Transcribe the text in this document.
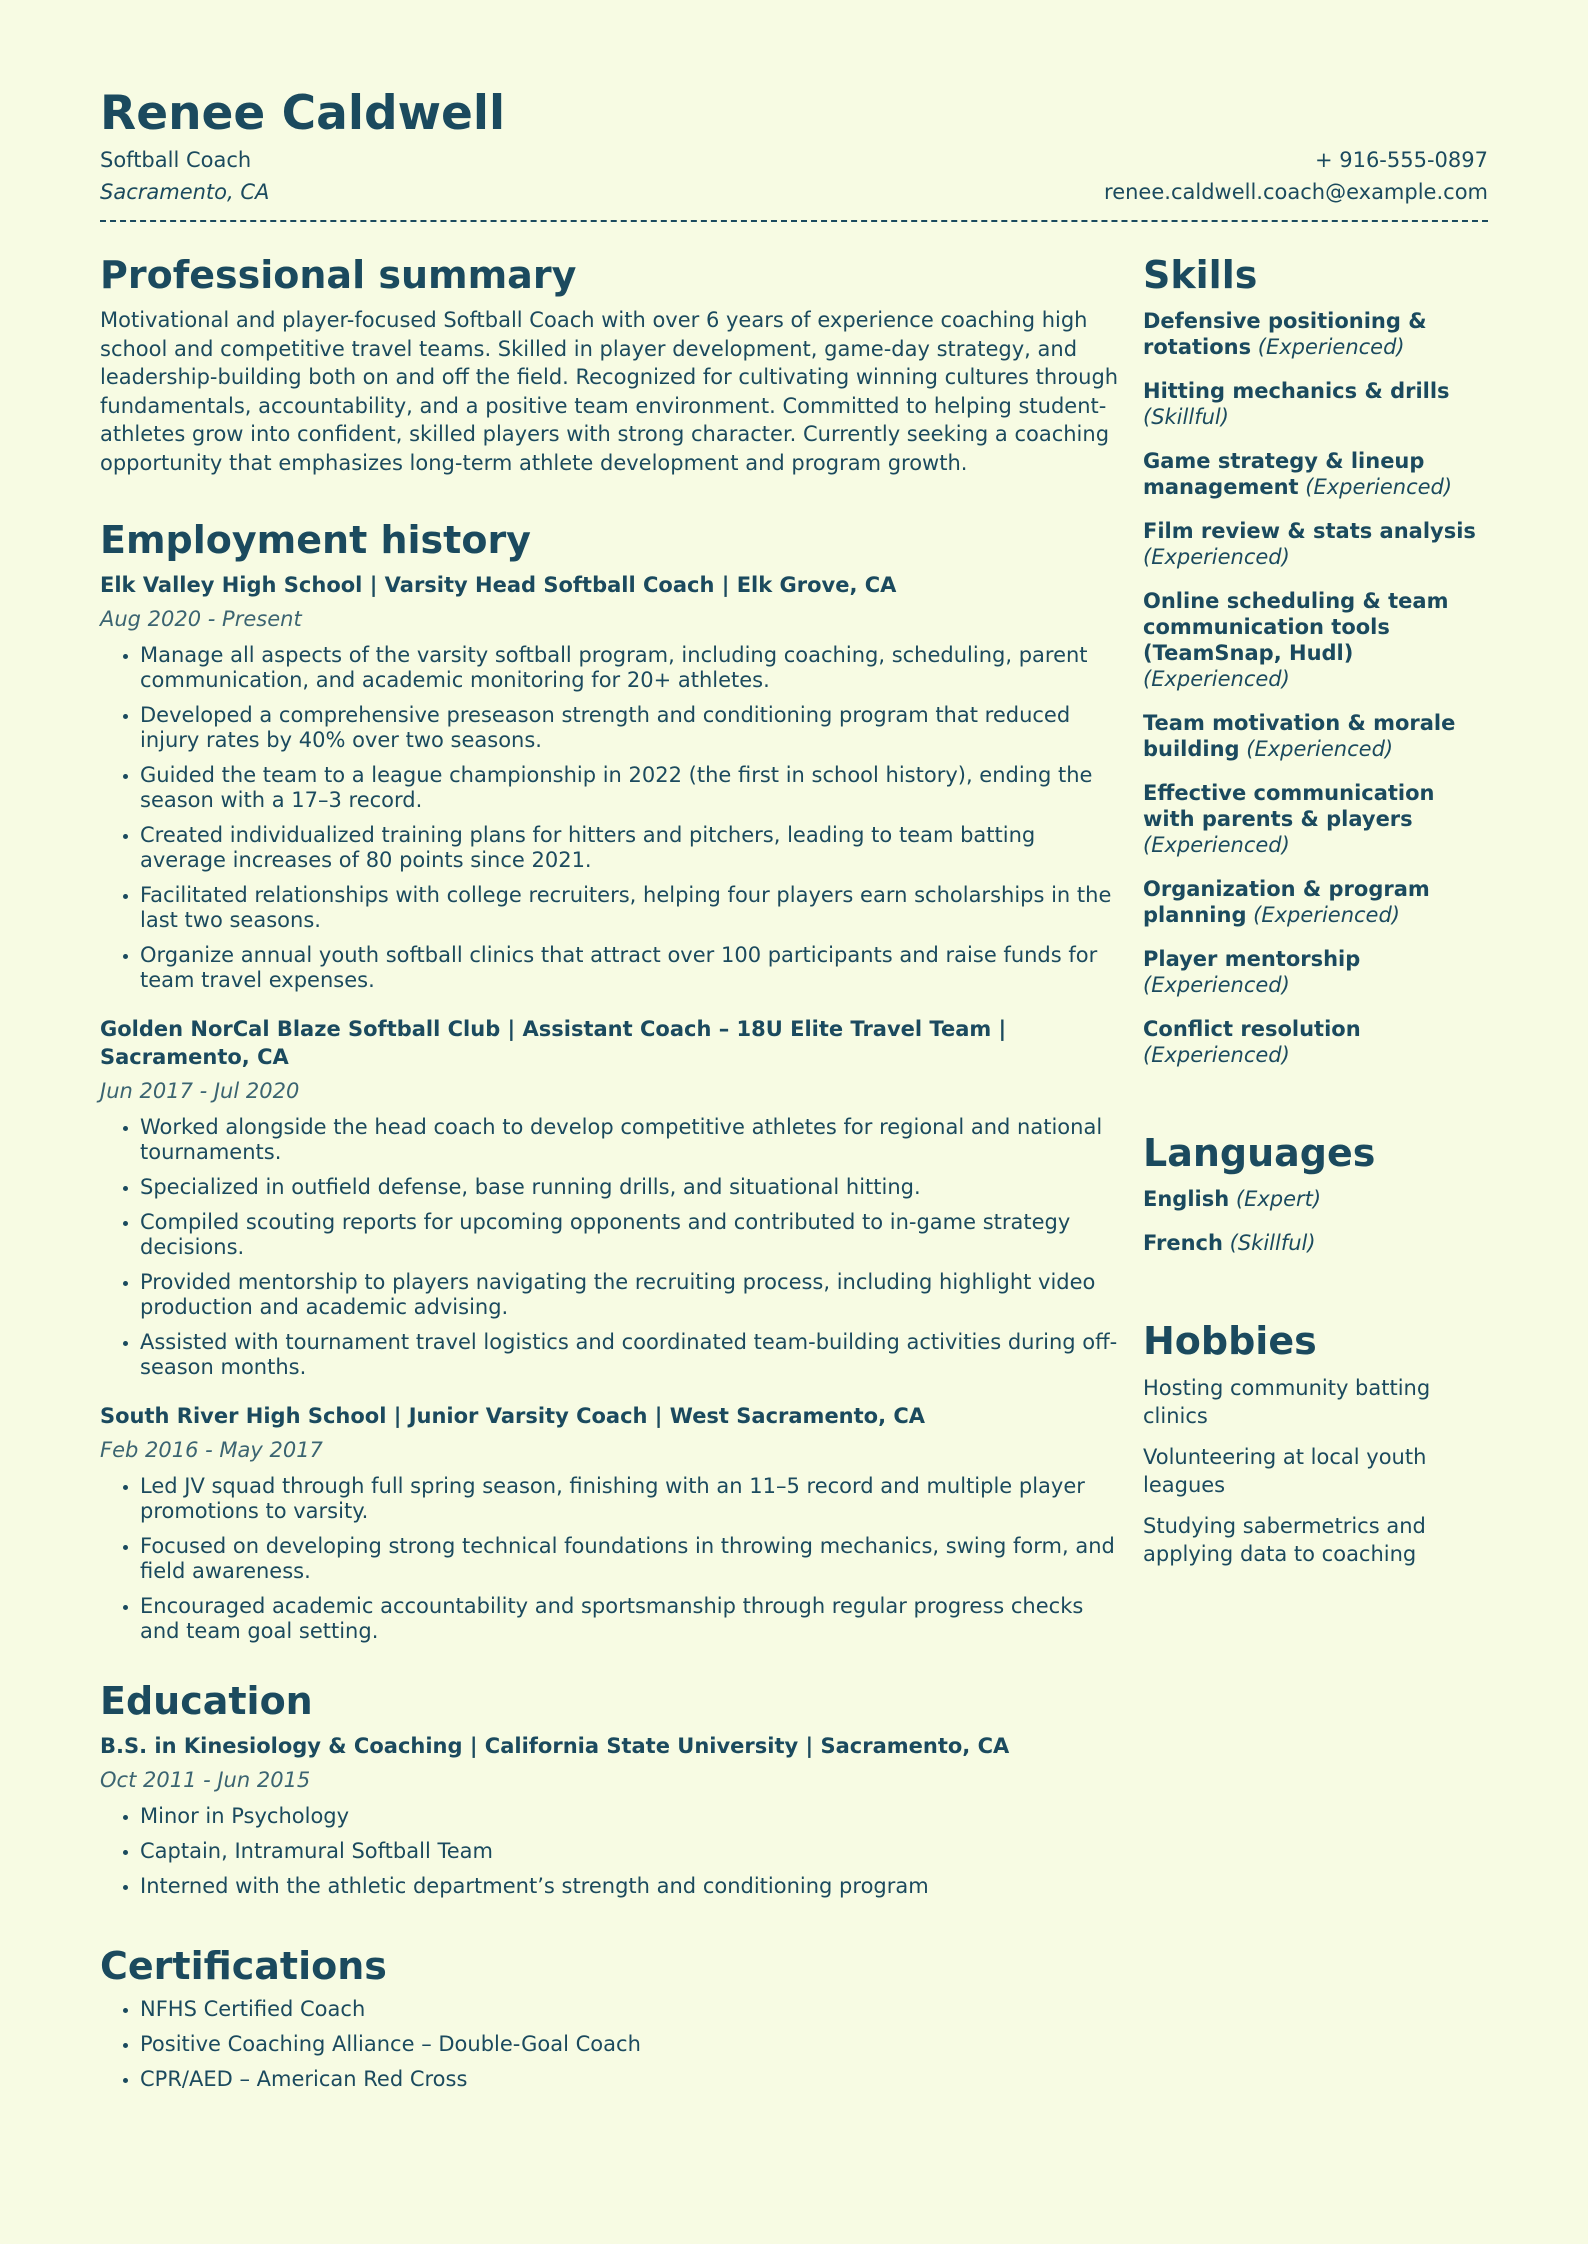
Renee Caldwell
Softball Coach	+ 916-555-0897
Sacramento, CA	renee.caldwell.coach@example.com
Professional summary

Motivational and player-focused Softball Coach with over 6 years of experience coaching high school and competitive travel teams. Skilled in player development, game-day strategy, and leadership-building both on and off the field. Recognized for cultivating winning cultures through fundamentals, accountability, and a positive team environment. Committed to helping student-athletes grow into confident, skilled players with strong character. Currently seeking a coaching opportunity that emphasizes long-term athlete development and program growth.

Employment history

Elk Valley High School | Varsity Head Softball Coach | Elk Grove, CA

Aug 2020 - Present

• Manage all aspects of the varsity softball program, including coaching, scheduling, parent communication, and academic monitoring for 20+ athletes.
• Developed a comprehensive preseason strength and conditioning program that reduced injury rates by 40% over two seasons.
• Guided the team to a league championship in 2022 (the first in school history), ending the season with a 17–3 record.
• Created individualized training plans for hitters and pitchers, leading to team batting average increases of 80 points since 2021.
• Facilitated relationships with college recruiters, helping four players earn scholarships in the last two seasons.
• Organize annual youth softball clinics that attract over 100 participants and raise funds for team travel expenses.

Golden NorCal Blaze Softball Club | Assistant Coach – 18U Elite Travel Team | Sacramento, CA

Jun 2017 - Jul 2020

• Worked alongside the head coach to develop competitive athletes for regional and national tournaments.
• Specialized in outfield defense, base running drills, and situational hitting.
• Compiled scouting reports for upcoming opponents and contributed to in-game strategy decisions.
• Provided mentorship to players navigating the recruiting process, including highlight video production and academic advising.
• Assisted with tournament travel logistics and coordinated team-building activities during off-season months.

South River High School | Junior Varsity Coach | West Sacramento, CA

Feb 2016 - May 2017

• Led JV squad through full spring season, finishing with an 11–5 record and multiple player promotions to varsity.
• Focused on developing strong technical foundations in throwing mechanics, swing form, and field awareness.
• Encouraged academic accountability and sportsmanship through regular progress checks and team goal setting.
Education

B.S. in Kinesiology & Coaching | California State University | Sacramento, CA

Oct 2011 - Jun 2015

• Minor in Psychology
• Captain, Intramural Softball Team
• Interned with the athletic department’s strength and conditioning program
Certifications
• NFHS Certified Coach
• Positive Coaching Alliance – Double-Goal Coach
• CPR/AED – American Red Cross
Skills
Defensive positioning & rotations (Experienced)
Hitting mechanics & drills
(Skillful)
Game strategy & lineup management (Experienced)
Film review & stats analysis
(Experienced)
Online scheduling & team communication tools (TeamSnap, Hudl)
(Experienced)
Team motivation & morale building (Experienced)
Effective communication with parents & players
(Experienced)
Organization & program planning (Experienced)
Player mentorship
(Experienced)
Conflict resolution
(Experienced)
Languages
English (Expert)
French (Skillful)
Hobbies
Hosting community batting clinics
Volunteering at local youth leagues
Studying sabermetrics and applying data to coaching
